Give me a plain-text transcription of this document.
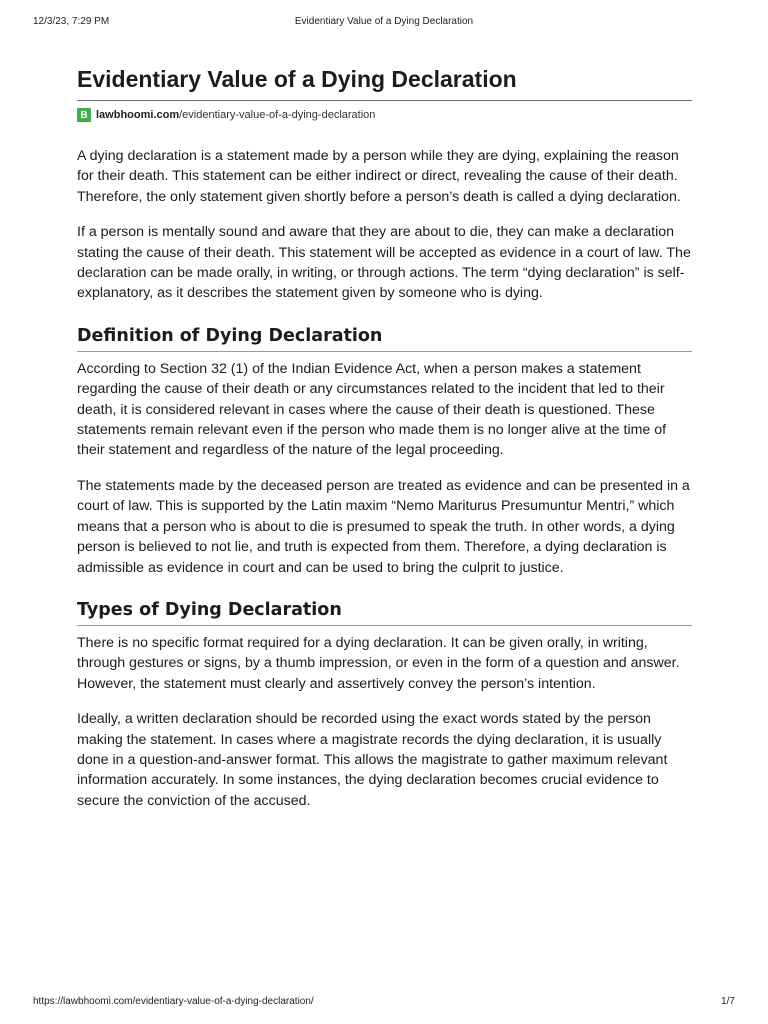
12/3/23, 7:29 PM	Evidentiary Value of a Dying Declaration
Evidentiary Value of a Dying Declaration
B lawbhoomi.com /evidentiary-value-of-a-dying-declaration

A dying declaration is a statement made by a person while they are dying, explaining the reason for their death. This statement can be either indirect or direct, revealing the cause of their death. Therefore, the only statement given shortly before a person’s death is called a dying declaration.

If a person is mentally sound and aware that they are about to die, they can make a declaration stating the cause of their death. This statement will be accepted as evidence in a court of law. The declaration can be made orally, in writing, or through actions. The term “dying declaration” is self-explanatory, as it describes the statement given by someone who is dying.

Definition of Dying Declaration

According to Section 32 (1) of the Indian Evidence Act, when a person makes a statement regarding the cause of their death or any circumstances related to the incident that led to their death, it is considered relevant in cases where the cause of their death is questioned. These statements remain relevant even if the person who made them is no longer alive at the time of their statement and regardless of the nature of the legal proceeding.

The statements made by the deceased person are treated as evidence and can be presented in a court of law. This is supported by the Latin maxim “Nemo Mariturus Presumuntur Mentri,” which means that a person who is about to die is presumed to speak the truth. In other words, a dying person is believed to not lie, and truth is expected from them. Therefore, a dying declaration is admissible as evidence in court and can be used to bring the culprit to justice.

Types of Dying Declaration

There is no specific format required for a dying declaration. It can be given orally, in writing, through gestures or signs, by a thumb impression, or even in the form of a question and answer. However, the statement must clearly and assertively convey the person’s intention.

Ideally, a written declaration should be recorded using the exact words stated by the person making the statement. In cases where a magistrate records the dying declaration, it is usually done in a question-and-answer format. This allows the magistrate to gather maximum relevant information accurately. In some instances, the dying declaration becomes crucial evidence to secure the conviction of the accused.

https://lawbhoomi.com/evidentiary-value-of-a-dying-declaration/	1/7
